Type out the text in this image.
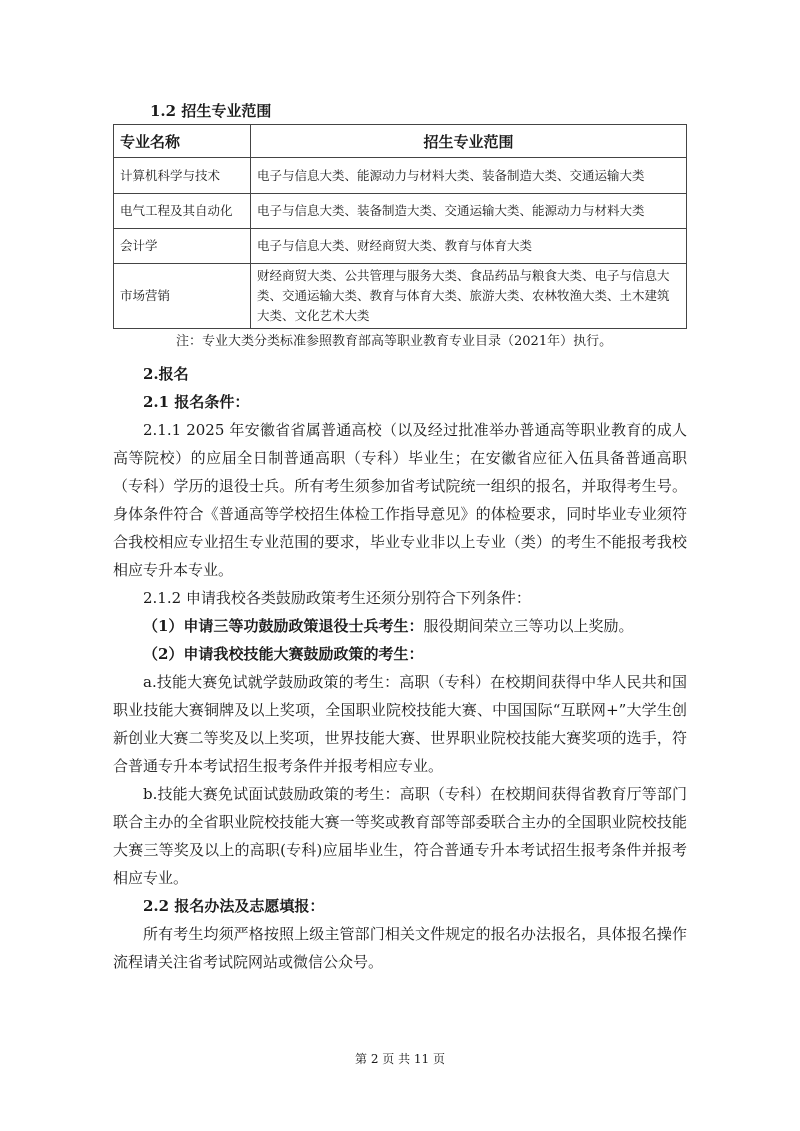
1.2 招生专业范围
专业名称	招生专业范围
计算机科学与技术	电子与信息大类、能源动力与材料大类、装备制造大类、交通运输大类
电气工程及其自动化	电子与信息大类、装备制造大类、交通运输大类、能源动力与材料大类
会计学	电子与信息大类、财经商贸大类、教育与体育大类
市场营销	财经商贸大类、公共管理与服务大类、食品药品与粮食大类、电子与信息大类、交通运输大类、教育与体育大类、旅游大类、农林牧渔大类、土木建筑大类、文化艺术大类
注：专业大类分类标准参照教育部高等职业教育专业目录（2021年）执行。

2.报名

2.1 报名条件：

2.1.1 2025 年安徽省省属普通高校（以及经过批准举办普通高等职业教育的成人高等院校）的应届全日制普通高职（专科）毕业生；在安徽省应征入伍具备普通高职（专科）学历的退役士兵。所有考生须参加省考试院统一组织的报名，并取得考生号。身体条件符合《普通高等学校招生体检工作指导意见》的体检要求，同时毕业专业须符合我校相应专业招生专业范围的要求，毕业专业非以上专业（类）的考生不能报考我校相应专升本专业。

2.1.2 申请我校各类鼓励政策考生还须分别符合下列条件：

（1）申请三等功鼓励政策退役士兵考生：服役期间荣立三等功以上奖励。

（2）申请我校技能大赛鼓励政策的考生：

a.技能大赛免试就学鼓励政策的考生：高职（专科）在校期间获得中华人民共和国职业技能大赛铜牌及以上奖项，全国职业院校技能大赛、中国国际“互联网+”大学生创新创业大赛二等奖及以上奖项，世界技能大赛、世界职业院校技能大赛奖项的选手，符合普通专升本考试招生报考条件并报考相应专业。

b.技能大赛免试面试鼓励政策的考生：高职（专科）在校期间获得省教育厅等部门联合主办的全省职业院校技能大赛一等奖或教育部等部委联合主办的全国职业院校技能大赛三等奖及以上的高职(专科)应届毕业生，符合普通专升本考试招生报考条件并报考相应专业。

2.2 报名办法及志愿填报：

所有考生均须严格按照上级主管部门相关文件规定的报名办法报名，具体报名操作流程请关注省考试院网站或微信公众号。

第 2 页 共 11 页
